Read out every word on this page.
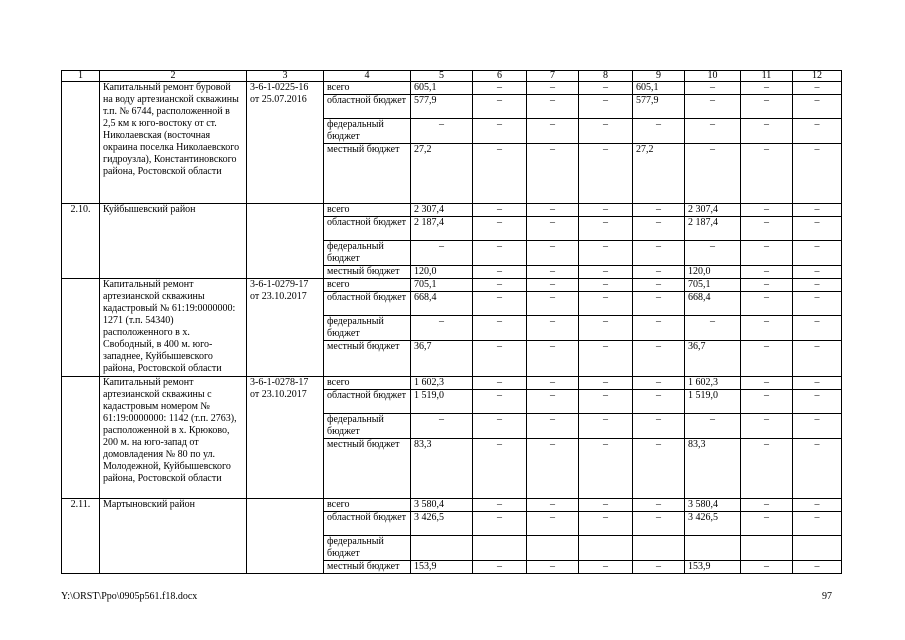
1	2	3	4	5	6	7	8	9	10	11	12
	Капитальный ремонт буровой на воду артезианской скважины т.п. № 6744, расположенной в 2,5 км к юго-востоку от ст. Николаевская (восточная окраина поселка Николаевского гидроузла), Константиновского района, Ростовской области	3-6-1-0225-16 от 25.07.2016	всего	605,1	–	–	–	605,1	–	–	–
			областной бюджет	577,9	–	–	–	577,9	–	–	–
			федеральный бюджет	–	–	–	–	–	–	–	–
			местный бюджет	27,2	–	–	–	27,2	–	–	–
2.10.	Куйбышевский район		всего	2 307,4	–	–	–	–	2 307,4	–	–
			областной бюджет	2 187,4	–	–	–	–	2 187,4	–	–
			федеральный бюджет	–	–	–	–	–	–	–	–
			местный бюджет	120,0	–	–	–	–	120,0	–	–
	Капитальный ремонт артезианской скважины кадастровый № 61:19:0000000: 1271 (т.п. 54340) расположенного в х. Свободный, в 400 м. юго-западнее, Куйбышевского района, Ростовской области	3-6-1-0279-17 от 23.10.2017	всего	705,1	–	–	–	–	705,1	–	–
			областной бюджет	668,4	–	–	–	–	668,4	–	–
			федеральный бюджет	–	–	–	–	–	–	–	–
			местный бюджет	36,7	–	–	–	–	36,7	–	–
	Капитальный ремонт артезианской скважины с кадастровым номером № 61:19:0000000: 1142 (т.п. 2763), расположенной в х. Крюково, 200 м. на юго-запад от домовладения № 80 по ул. Молодежной, Куйбышевского района, Ростовской области	3-6-1-0278-17 от 23.10.2017	всего	1 602,3	–	–	–	–	1 602,3	–	–
			областной бюджет	1 519,0	–	–	–	–	1 519,0	–	–
			федеральный бюджет	–	–	–	–	–	–	–	–
			местный бюджет	83,3	–	–	–	–	83,3	–	–
2.11.	Мартыновский район		всего	3 580,4	–	–	–	–	3 580,4	–	–
			областной бюджет	3 426,5	–	–	–	–	3 426,5	–	–
			федеральный бюджет								
			местный бюджет	153,9	–	–	–	–	153,9	–	–
Y:\ORST\Ppo\0905p561.f18.docx	97
